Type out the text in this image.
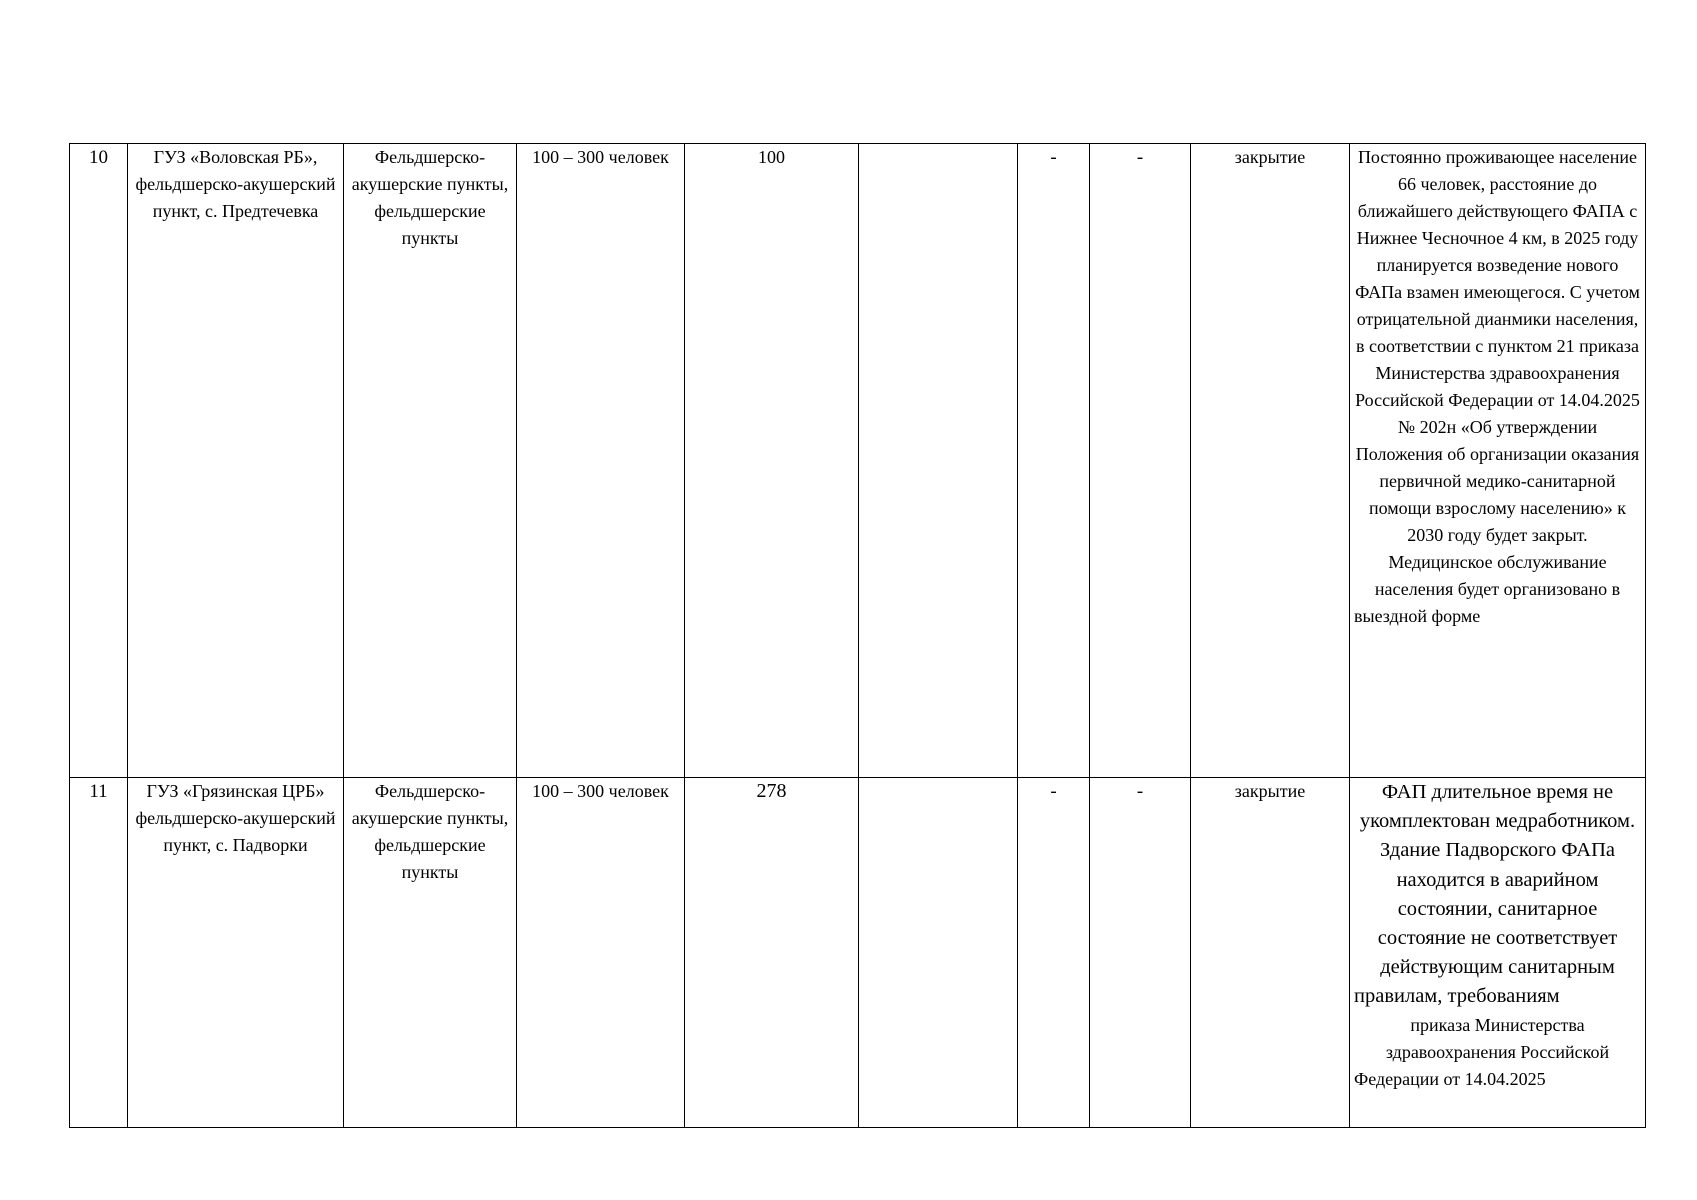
10	ГУЗ «Воловская РБ», фельдшерско-акушерский пункт, с. Предтечевка	Фельдшерско-акушерские пункты, фельдшерские пункты	100 – 300 человек	100		-	-	закрытие	Постоянно проживающее население 66 человек, расстояние до ближайшего действующего ФАПА с Нижнее Чесночное 4 км, в 2025 году планируется возведение нового ФАПа взамен имеющегося. С учетом отрицательной дианмики населения, в соответствии с пунктом 21 приказа Министерства здравоохранения Российской Федерации от 14.04.2025 № 202н «Об утверждении Положения об организации оказания первичной медико-санитарной помощи взрослому населению» к 2030 году будет закрыт. Медицинское обслуживание населения будет организовано в выездной форме

11	ГУЗ «Грязинская ЦРБ» фельдшерско-акушерский пункт, с. Падворки	Фельдшерско-акушерские пункты, фельдшерские пункты	100 – 300 человек	278		-	-	закрытие	ФАП длительное время не укомплектован медработником. Здание Падворского ФАПа находится в аварийном состоянии, санитарное состояние не соответствует действующим санитарным правилам, требованиям
приказа Министерства здравоохранения Российской Федерации от 14.04.2025
